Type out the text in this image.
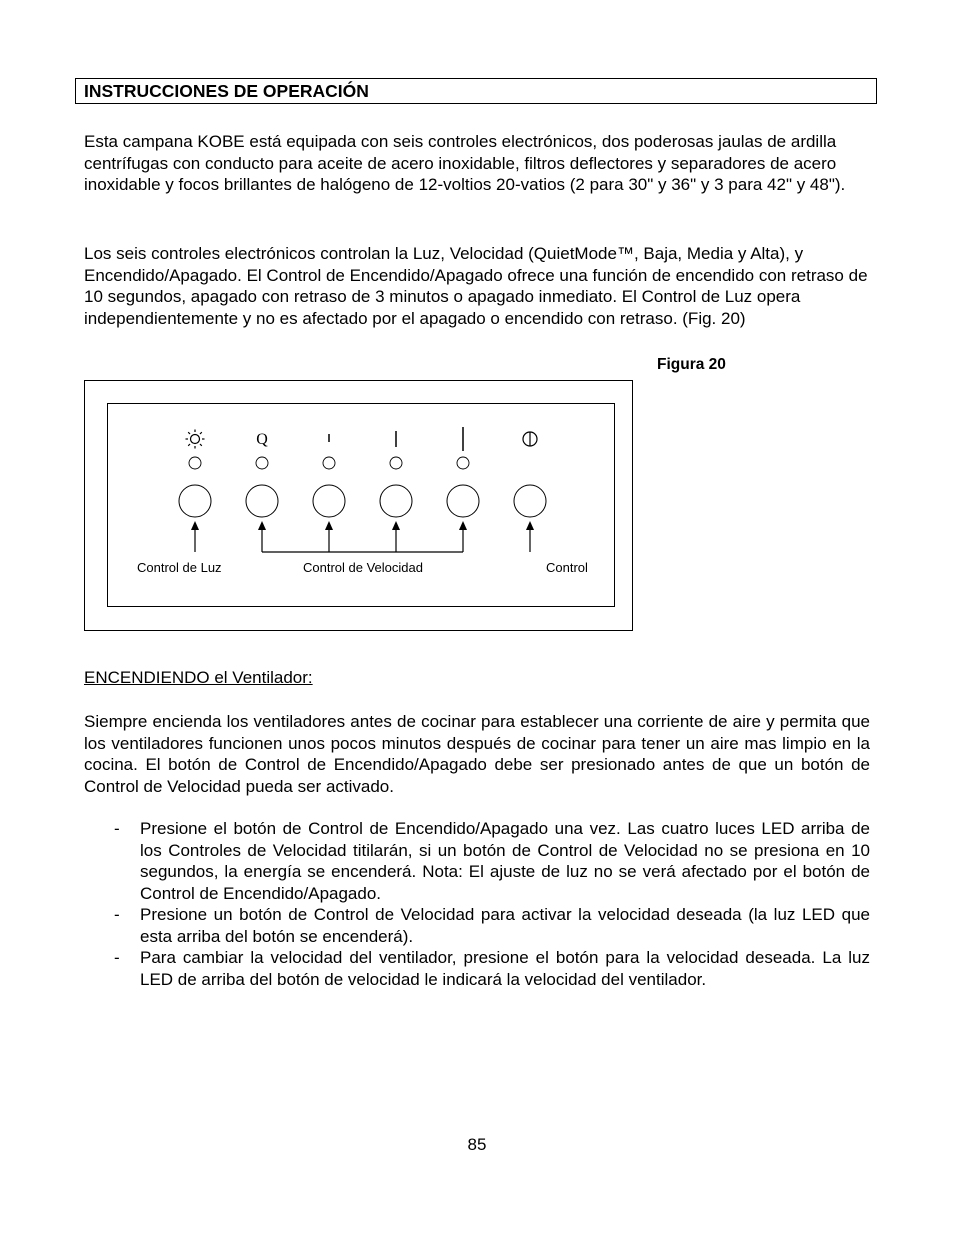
INSTRUCCIONES DE OPERACIÓN
Esta campana KOBE está equipada con seis controles electrónicos, dos poderosas jaulas de ardilla centrífugas con conducto para aceite de acero inoxidable, filtros deflectores y separadores de acero inoxidable y focos brillantes de halógeno de 12-voltios 20-vatios (2 para 30" y 36" y 3 para 42" y 48").
Los seis controles electrónicos controlan la Luz, Velocidad (QuietMode™, Baja, Media y Alta), y Encendido/Apagado. El Control de Encendido/Apagado ofrece una función de encendido con retraso de 10 segundos, apagado con retraso de 3 minutos o apagado inmediato. El Control de Luz opera independientemente y no es afectado por el apagado o encendido con retraso. (Fig. 20)
Figura 20
Q
Control de Luz	Control de Velocidad	Control
ENCENDIENDO el Ventilador:
Siempre encienda los ventiladores antes de cocinar para establecer una corriente de aire y permita que los ventiladores funcionen unos pocos minutos después de cocinar para tener un aire mas limpio en la cocina. El botón de Control de Encendido/Apagado debe ser presionado antes de que un botón de Control de Velocidad pueda ser activado.
- Presione el botón de Control de Encendido/Apagado una vez. Las cuatro luces LED arriba de los Controles de Velocidad titilarán, si un botón de Control de Velocidad no se presiona en 10 segundos, la energía se encenderá. Nota: El ajuste de luz no se verá afectado por el botón de Control de Encendido/Apagado.
- Presione un botón de Control de Velocidad para activar la velocidad deseada (la luz LED que esta arriba del botón se encenderá).
- Para cambiar la velocidad del ventilador, presione el botón para la velocidad deseada. La luz LED de arriba del botón de velocidad le indicará la velocidad del ventilador.
85
